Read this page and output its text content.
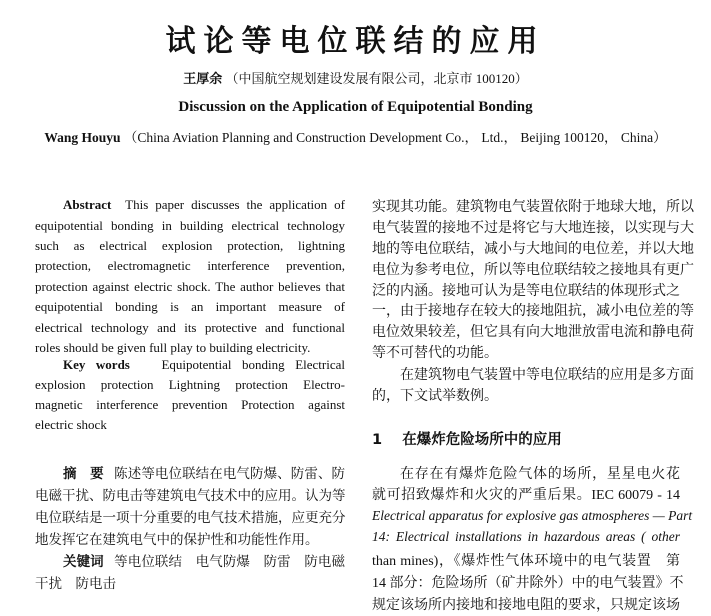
试论等电位联结的应用
王厚余 （中国航空规划建设发展有限公司，北京市 100120）
Discussion on the Application of Equipotential Bonding
Wang Houyu （China Aviation Planning and Construction Development Co.， Ltd.， Beijing 100120， China）
Abstract This paper discusses the application of
equipotential bonding in building electrical technology
such as electrical explosion protection, lightning
protection, electromagnetic interference prevention,
protection against electric shock. The author believes that
equipotential bonding is an important measure of
electrical technology and its protective and functional
roles should be given full play to building electricity.
Key words Equipotential bonding Electrical
explosion protection Lightning protection Electro-
magnetic interference prevention Protection against
electric shock
摘　要 陈述等电位联结在电气防爆、防雷、防
电磁干扰、防电击等建筑电气技术中的应用。认为等
电位联结是一项十分重要的电气技术措施，应更充分
地发挥它在建筑电气中的保护性和功能性作用。
关键词 等电位联结　电气防爆　防雷　防电磁
干扰　防电击
实现其功能。建筑物电气装置依附于地球大地，所以
电气装置的接地不过是将它与大地连接，以实现与大
地的等电位联结，减小与大地间的电位差，并以大地
电位为参考电位，所以等电位联结较之接地具有更广
泛的内涵。接地可认为是等电位联结的体现形式之
一，由于接地存在较大的接地阻抗，减小电位差的等
电位效果较差，但它具有向大地泄放雷电流和静电荷
等不可替代的功能。
在建筑物电气装置中等电位联结的应用是多方面
的，下文试举数例。
1 在爆炸危险场所中的应用
在存在有爆炸危险气体的场所，星星电火花
就可招致爆炸和火灾的严重后果。IEC 60079 - 14
Electrical apparatus for explosive gas atmospheres — Part
14: Electrical installations in hazardous areas ( other
than mines)，《爆炸性气体环境中的电气装置　第
14 部分：危险场所（矿井除外）中的电气装置》不
规定该场所内接地和接地电阻的要求，只规定该场
